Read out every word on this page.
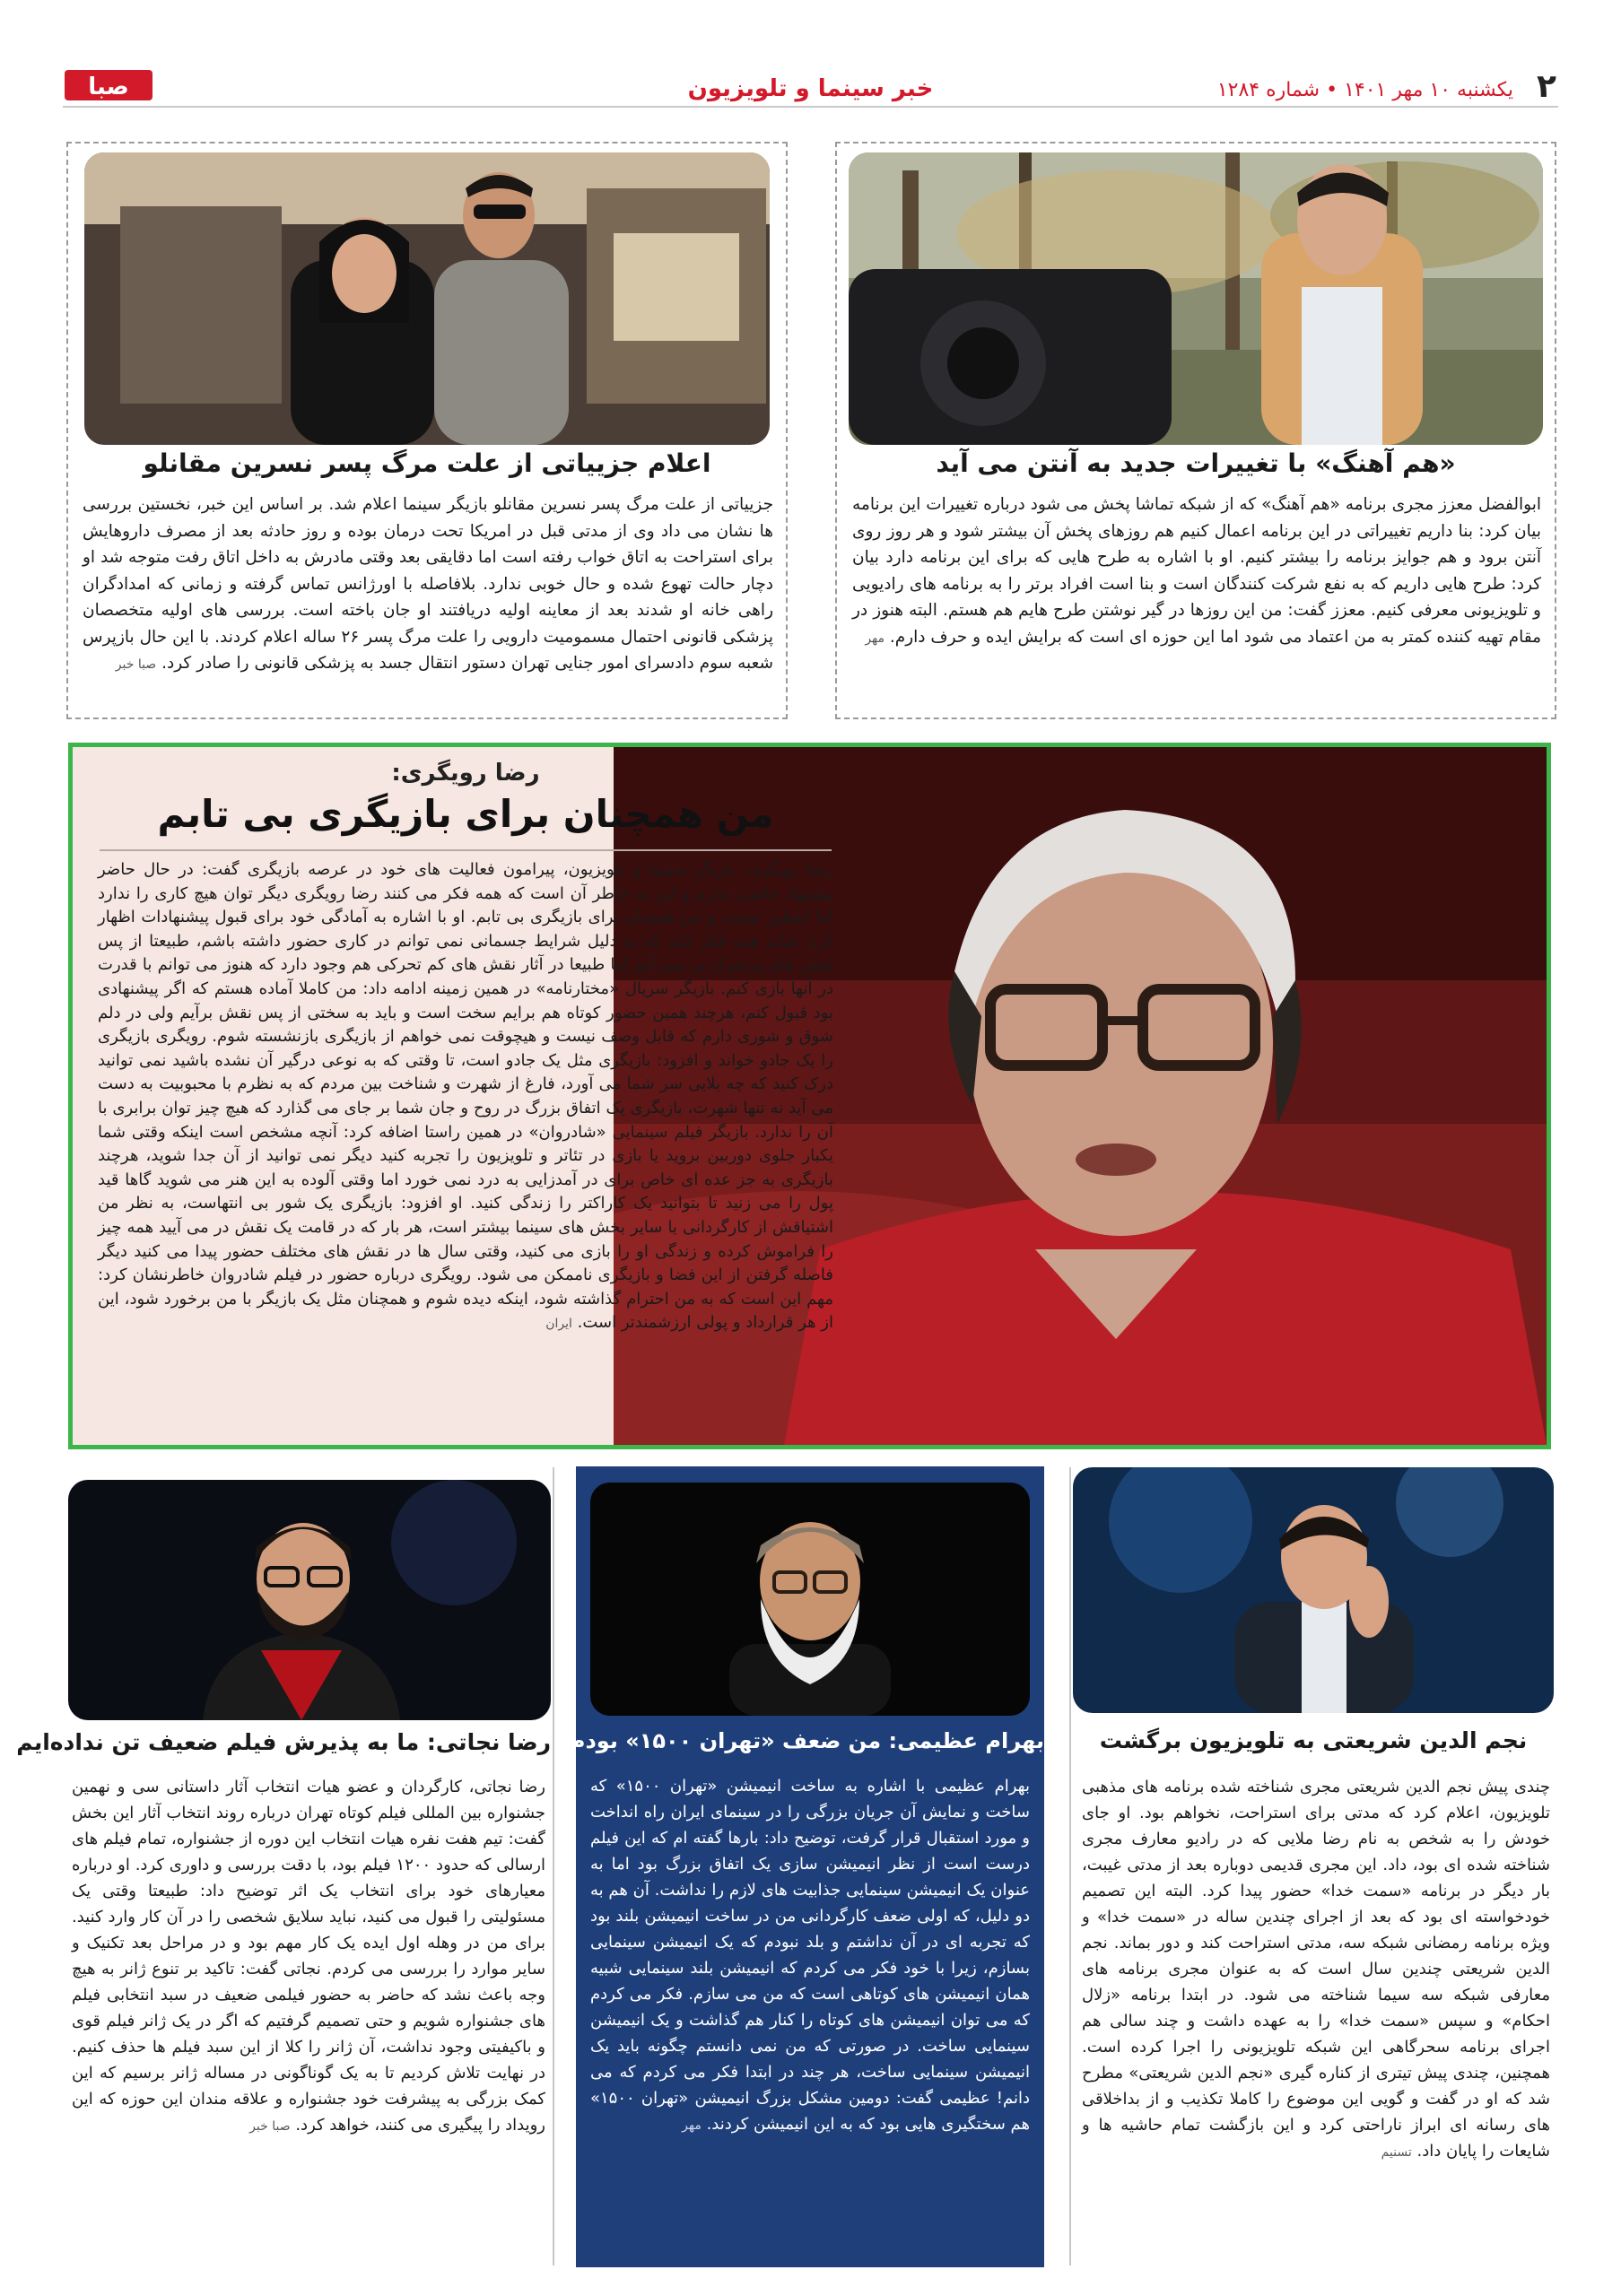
۲
یکشنبه ۱۰ مهر ۱۴۰۱ • شماره ۱۲۸۴
خبر سینما و تلویزیون
صبا
«هم آهنگ» با تغییرات جدید به آنتن می آید
ابوالفضل معزز مجری برنامه «هم آهنگ» که از شبکه تماشا پخش می شود درباره تغییرات این برنامه بیان کرد: بنا داریم تغییراتی در این برنامه اعمال کنیم هم روزهای پخش آن بیشتر شود و هر روز روی آنتن برود و هم جوایز برنامه را بیشتر کنیم. او با اشاره به طرح هایی که برای این برنامه دارد بیان کرد: طرح هایی داریم که به نفع شرکت کنندگان است و بنا است افراد برتر را به برنامه های رادیویی و تلویزیونی معرفی کنیم. معزز گفت: من این روزها در گیر نوشتن طرح هایم هم هستم. البته هنوز در مقام تهیه کننده کمتر به من اعتماد می شود اما این حوزه ای است که برایش ایده و حرف دارم. مهر
اعلام جزییاتی از علت مرگ پسر نسرین مقانلو
جزییاتی از علت مرگ پسر نسرین مقانلو بازیگر سینما اعلام شد. بر اساس این خبر، نخستین بررسی ها نشان می داد وی از مدتی قبل در امریکا تحت درمان بوده و روز حادثه بعد از مصرف داروهایش برای استراحت به اتاق خواب رفته است اما دقایقی بعد وقتی مادرش به داخل اتاق رفت متوجه شد او دچار حالت تهوع شده و حال خوبی ندارد. بلافاصله با اورژانس تماس گرفته و زمانی که امدادگران راهی خانه او شدند بعد از معاینه اولیه دریافتند او جان باخته است. بررسی های اولیه متخصصان پزشکی قانونی احتمال مسمومیت دارویی را علت مرگ پسر ۲۶ ساله اعلام کردند. با این حال بازپرس شعبه سوم دادسرای امور جنایی تهران دستور انتقال جسد به پزشکی قانونی را صادر کرد. صبا خبر
رضا رویگری:
من همچنان برای بازیگری بی تابم
رضا رویگری، بازیگر سینما و تلویزیون، پیرامون فعالیت های خود در عرصه بازیگری گفت: در حال حاضر پیشنهاد خاصی ندارم و این به خاطر آن است که همه فکر می کنند رضا رویگری دیگر توان هیچ کاری را ندارد اما اینطور نیست و من همچنان برای بازیگری بی تابم. او با اشاره به آمادگی خود برای قبول پیشنهادات اظهار کرد: شاید همه فکر کنند که به دلیل شرایط جسمانی نمی توانم در کاری حضور داشته باشم، طبیعتا از پس نقش های پرتحرک بر نمی آیم اما طبیعا در آثار نقش های کم تحرکی هم وجود دارد که هنوز می توانم با قدرت در آنها بازی کنم. بازیگر سریال «مختارنامه» در همین زمینه ادامه داد: من کاملا آماده هستم که اگر پیشنهادی بود قبول کنم، هرچند همین حضور کوتاه هم برایم سخت است و باید به سختی از پس نقش برآیم ولی در دلم شوق و شوری دارم که قابل وصف نیست و هیچوقت نمی خواهم از بازیگری بازنشسته شوم. رویگری بازیگری را یک جادو خواند و افزود: بازیگری مثل یک جادو است، تا وقتی که به نوعی درگیر آن نشده باشید نمی توانید درک کنید که چه بلایی سر شما می آورد، فارغ از شهرت و شناخت بین مردم که به نظرم با محبوبیت به دست می آید نه تنها شهرت، بازیگری یک اتفاق بزرگ در روح و جان شما بر جای می گذارد که هیچ چیز توان برابری با آن را ندارد. بازیگر فیلم سینمایی «شادروان» در همین راستا اضافه کرد: آنچه مشخص است اینکه وقتی شما یکبار جلوی دوربین بروید یا بازی در تئاتر و تلویزیون را تجربه کنید دیگر نمی توانید از آن جدا شوید، هرچند بازیگری به جز عده ای خاص برای در آمدزایی به درد نمی خورد اما وقتی آلوده به این هنر می شوید گاها قید پول را می زنید تا بتوانید یک کاراکتر را زندگی کنید. او افزود: بازیگری یک شور بی انتهاست، به نظر من اشتیاقش از کارگردانی یا سایر بخش های سینما بیشتر است، هر بار که در قامت یک نقش در می آیید همه چیز را فراموش کرده و زندگی او را بازی می کنید، وقتی سال ها در نقش های مختلف حضور پیدا می کنید دیگر فاصله گرفتن از این فضا و بازیگری ناممکن می شود. رویگری درباره حضور در فیلم شادروان خاطرنشان کرد: مهم این است که به من احترام گذاشته شود، اینکه دیده شوم و همچنان مثل یک بازیگر با من برخورد شود، این از هر قرارداد و پولی ارزشمندتر است. ایران
نجم الدین شریعتی به تلویزیون برگشت
چندی پیش نجم الدین شریعتی مجری شناخته شده برنامه های مذهبی تلویزیون، اعلام کرد که مدتی برای استراحت، نخواهم بود. او جای خودش را به شخص به نام رضا ملایی که در رادیو معارف مجری شناخته شده ای بود، داد. این مجری قدیمی دوباره بعد از مدتی غیبت، بار دیگر در برنامه «سمت خدا» حضور پیدا کرد. البته این تصمیم خودخواسته ای بود که بعد از اجرای چندین ساله در «سمت خدا» و ویژه برنامه رمضانی شبکه سه، مدتی استراحت کند و دور بماند. نجم الدین شریعتی چندین سال است که به عنوان مجری برنامه های معارفی شبکه سه سیما شناخته می شود. در ابتدا برنامه «زلال احکام» و سپس «سمت خدا» را به عهده داشت و چند سالی هم اجرای برنامه سحرگاهی این شبکه تلویزیونی را اجرا کرده است. همچنین، چندی پیش تیتری از کناره گیری «نجم الدین شریعتی» مطرح شد که او در گفت و گویی این موضوع را کاملا تکذیب و از بداخلاقی های رسانه ای ابراز ناراحتی کرد و این بازگشت تمام حاشیه ها و شایعات را پایان داد. تسنیم
بهرام عظیمی: من ضعف «تهران ۱۵۰۰» بودم!
بهرام عظیمی با اشاره به ساخت انیمیشن «تهران ۱۵۰۰» که ساخت و نمایش آن جریان بزرگی را در سینمای ایران راه انداخت و مورد استقبال قرار گرفت، توضیح داد: بارها گفته ام که این فیلم درست است از نظر انیمیشن سازی یک اتفاق بزرگ بود اما به عنوان یک انیمیشن سینمایی جذابیت های لازم را نداشت. آن هم به دو دلیل، که اولی ضعف کارگردانی من در ساخت انیمیشن بلند بود که تجربه ای در آن نداشتم و بلد نبودم که یک انیمیشن سینمایی بسازم، زیرا با خود فکر می کردم که انیمیشن بلند سینمایی شبیه همان انیمیشن های کوتاهی است که من می سازم. فکر می کردم که می توان انیمیشن های کوتاه را کنار هم گذاشت و یک انیمیشن سینمایی ساخت. در صورتی که من نمی دانستم چگونه باید یک انیمیشن سینمایی ساخت، هر چند در ابتدا فکر می کردم که می دانم! عظیمی گفت: دومین مشکل بزرگ انیمیشن «تهران ۱۵۰۰» هم سختگیری هایی بود که به این انیمیشن کردند. مهر
رضا نجاتی: ما به پذیرش فیلم ضعیف تن نداده‌ایم
رضا نجاتی، کارگردان و عضو هیات انتخاب آثار داستانی سی و نهمین جشنواره بین المللی فیلم کوتاه تهران درباره روند انتخاب آثار این بخش گفت: تیم هفت نفره هیات انتخاب این دوره از جشنواره، تمام فیلم های ارسالی که حدود ۱۲۰۰ فیلم بود، با دقت بررسی و داوری کرد. او درباره معیارهای خود برای انتخاب یک اثر توضیح داد: طبیعتا وقتی یک مسئولیتی را قبول می کنید، نباید سلایق شخصی را در آن کار وارد کنید. برای من در وهله اول ایده یک کار مهم بود و در مراحل بعد تکنیک و سایر موارد را بررسی می کردم. نجاتی گفت: تاکید بر تنوع ژانر به هیچ وجه باعث نشد که حاضر به حضور فیلمی ضعیف در سبد انتخابی فیلم های جشنواره شویم و حتی تصمیم گرفتیم که اگر در یک ژانر فیلم قوی و باکیفیتی وجود نداشت، آن ژانر را کلا از این سبد فیلم ها حذف کنیم. در نهایت تلاش کردیم تا به یک گوناگونی در مساله ژانر برسیم که این کمک بزرگی به پیشرفت خود جشنواره و علاقه مندان این حوزه که این رویداد را پیگیری می کنند، خواهد کرد. صبا خبر
